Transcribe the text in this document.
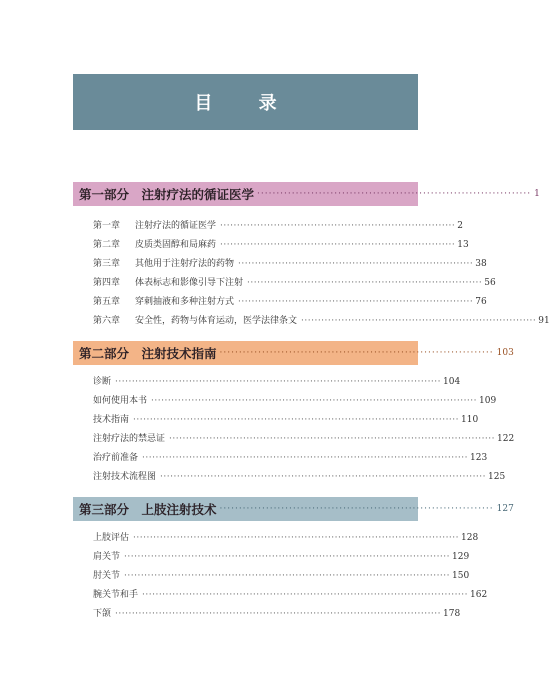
目 录
第一部分　注射疗法的循证医学 ······································································· 1
第一章	注射疗法的循证医学 ······································································ 2
第二章	皮质类固醇和局麻药 ······································································ 13
第三章	其他用于注射疗法的药物 ······································································ 38
第四章	体表标志和影像引导下注射 ······································································ 56
第五章	穿刺抽液和多种注射方式 ······································································ 76
第六章	安全性，药物与体育运动，医学法律条文 ······································································ 91
第二部分　注射技术指南 ······································································· 103
诊断 ································································································· 104
如何使用本书 ································································································· 109
技术指南 ································································································· 110
注射疗法的禁忌证 ································································································· 122
治疗前准备 ································································································· 123
注射技术流程图 ································································································· 125
第三部分　上肢注射技术 ······································································· 127
上肢评估 ································································································· 128
肩关节 ································································································· 129
肘关节 ································································································· 150
腕关节和手 ································································································· 162
下颌 ································································································· 178
